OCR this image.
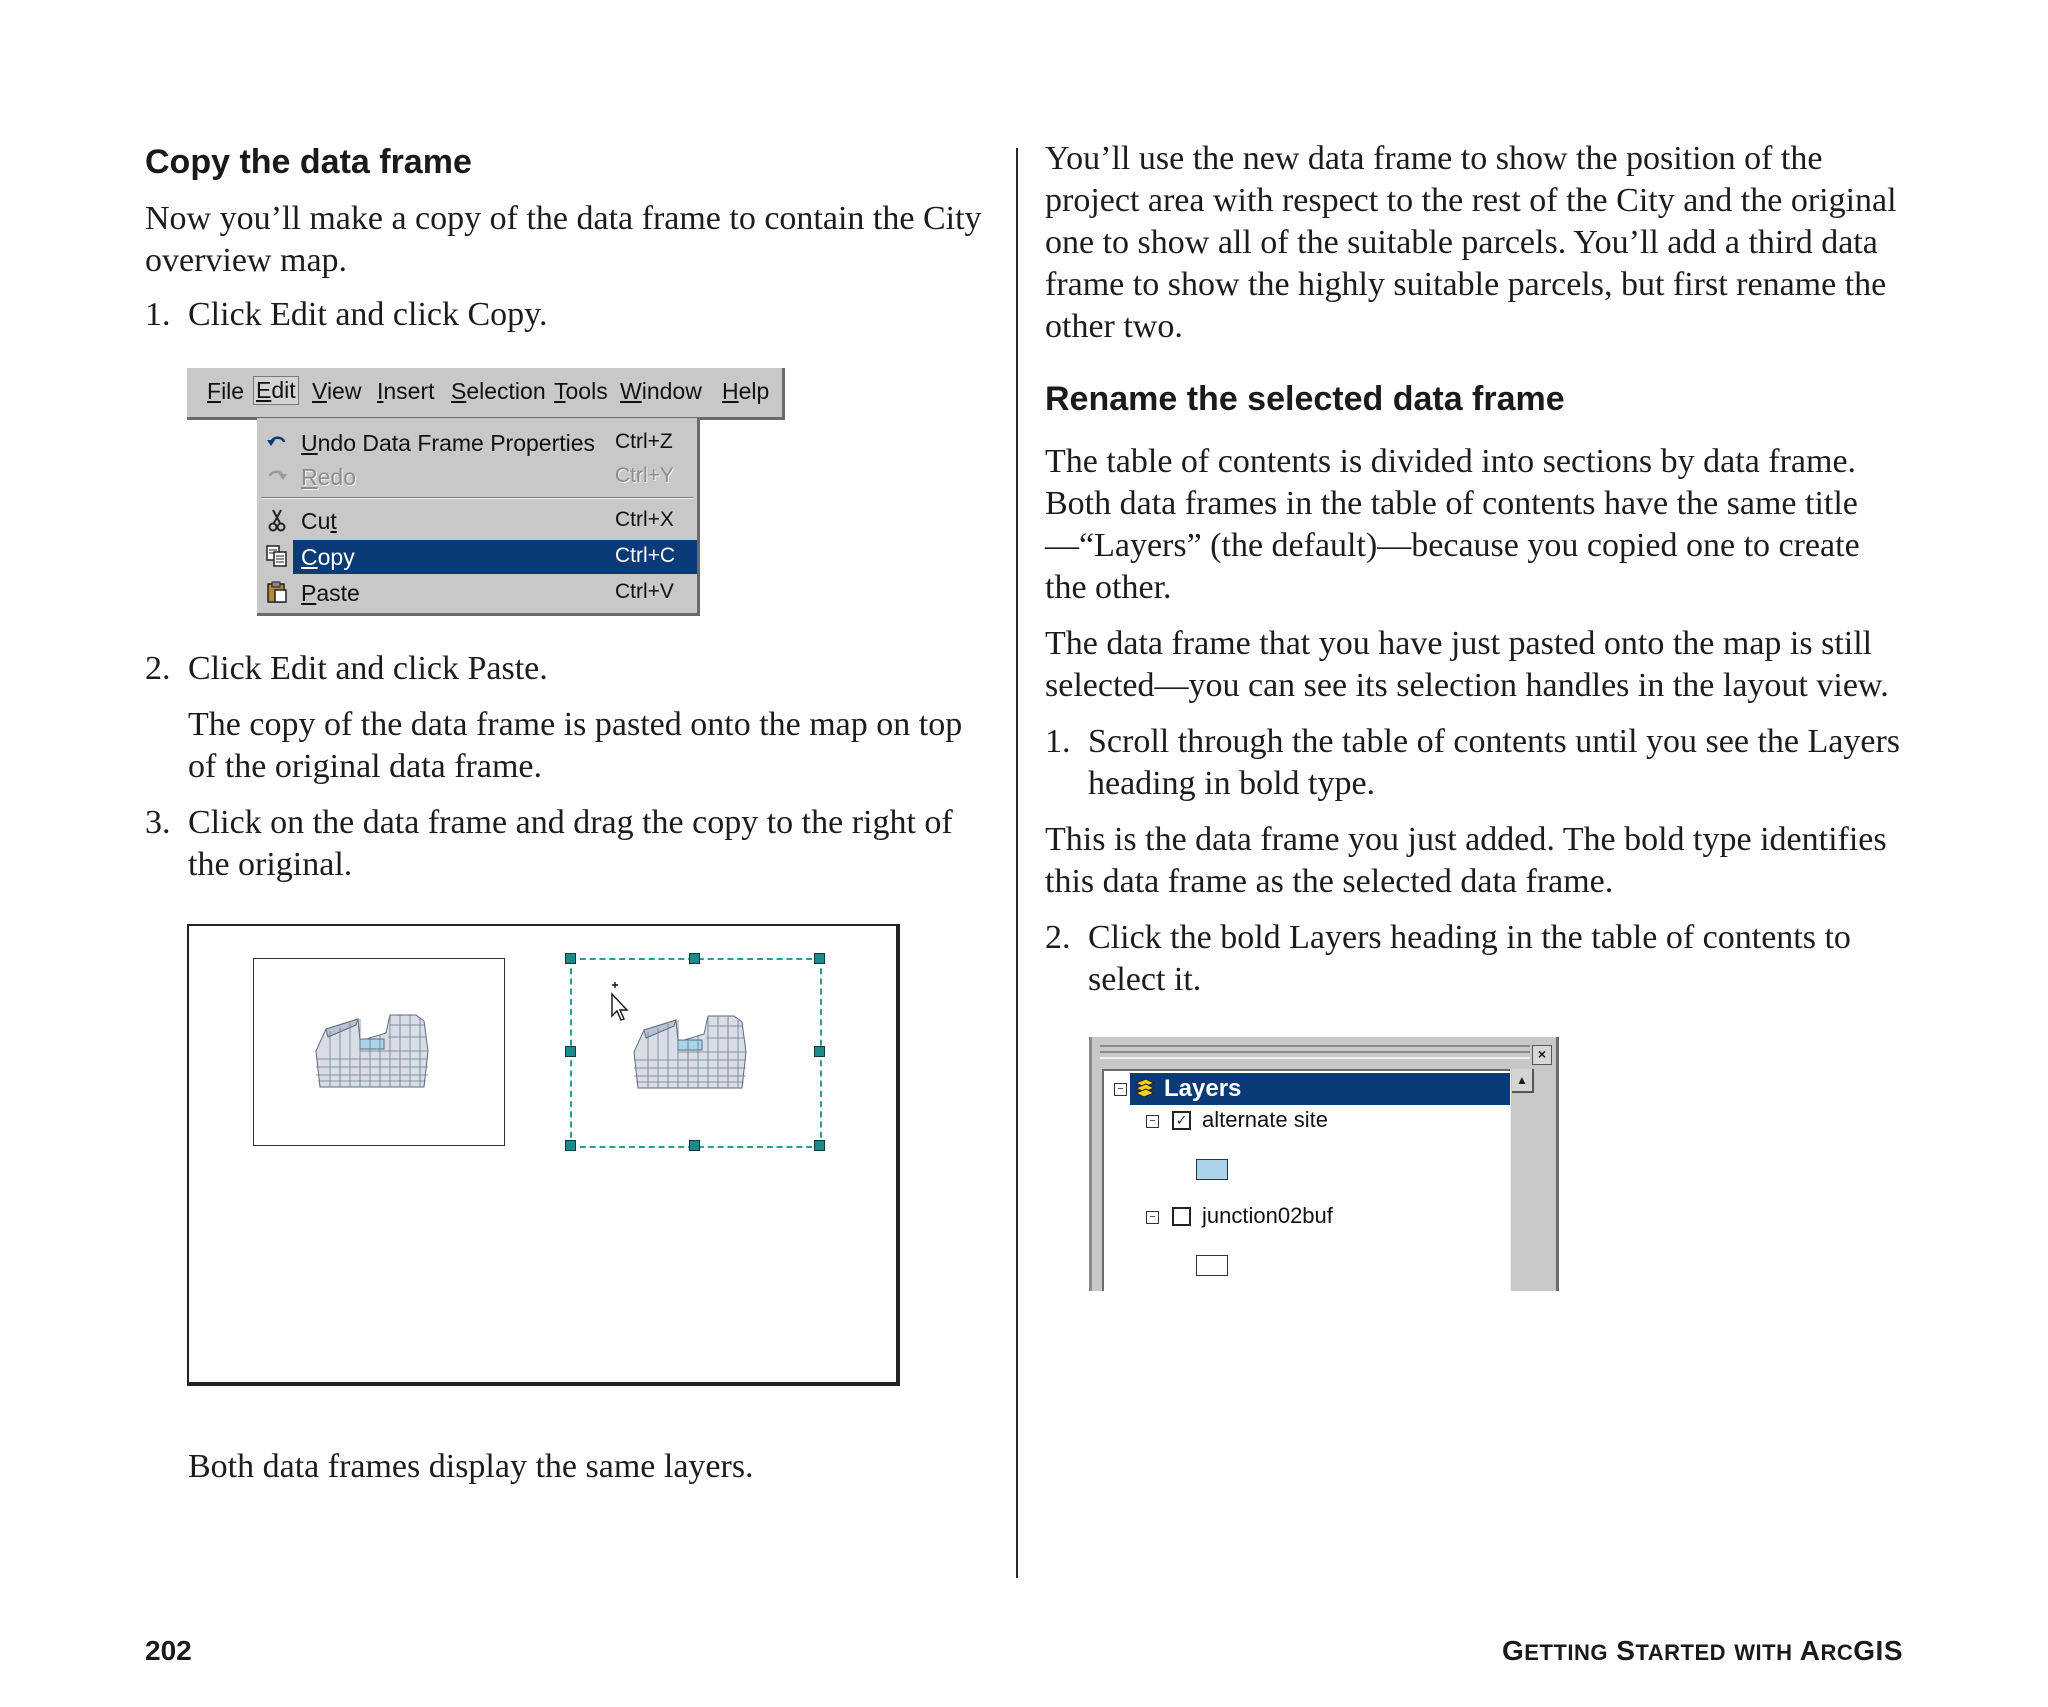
Copy the data frame

Now you’ll make a copy of the data frame to contain the City overview map.

1. Click Edit and click Copy.
File Edit View Insert Selection Tools Window Help
Undo Data Frame Properties Ctrl+Z
Redo	Ctrl+Y
Cut	Ctrl+X
Copy	Ctrl+C
Paste	Ctrl+V
2. Click Edit and click Paste.

The copy of the data frame is pasted onto the map on top of the original data frame.

3. Click on the data frame and drag the copy to the right of the original.

Both data frames display the same layers.

You’ll use the new data frame to show the position of the project area with respect to the rest of the City and the original one to show all of the suitable parcels. You’ll add a third data frame to show the highly suitable parcels, but first rename the other two.

Rename the selected data frame

The table of contents is divided into sections by data frame. Both data frames in the table of contents have the same title—“Layers” (the default)—because you copied one to create the other.

The data frame that you have just pasted onto the map is still selected—you can see its selection handles in the layout view.

1. Scroll through the table of contents until you see the Layers heading in bold type.

This is the data frame you just added. The bold type identifies this data frame as the selected data frame.

2. Click the bold Layers heading in the table of contents to select it.
×
− Layers
− ✓ alternate site
− junction02buf
▲
202	GETTING STARTED WITH ARCGIS
